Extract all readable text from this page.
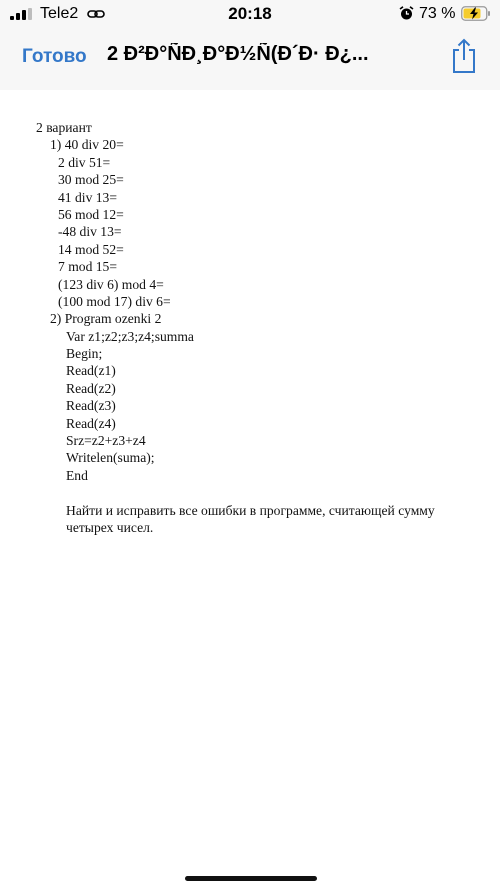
Tele2	20:18	73 %
Готово 2 Ð²Ð°ÑÐ¸Ð°Ð½Ñ(Ð´Ð· Ð¿...
2 вариант
1) 40 div 20=
2 div 51=
30 mod 25=
41 div 13=
56 mod 12=
-48 div 13=
14 mod 52=
7 mod 15=
(123 div 6) mod 4=
(100 mod 17) div 6=
2) Program ozenki 2
Var z1;z2;z3;z4;summa
Begin;
Read(z1)
Read(z2)
Read(z3)
Read(z4)
Srz=z2+z3+z4
Writelen(suma);
End
Найти и исправить все ошибки в программе, считающей сумму четырех чисел.
